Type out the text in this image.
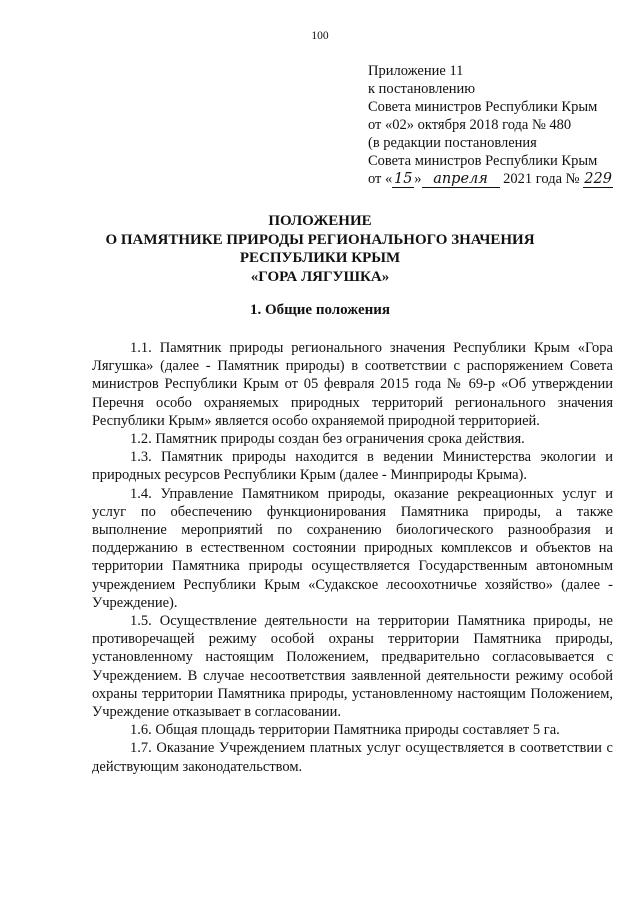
100
Приложение 11
к постановлению
Совета министров Республики Крым
от «02» октября 2018 года № 480
(в редакции постановления
Совета министров Республики Крым
от « 15 » апреля 2021 года № 229
ПОЛОЖЕНИЕ
О ПАМЯТНИКЕ ПРИРОДЫ РЕГИОНАЛЬНОГО ЗНАЧЕНИЯ
РЕСПУБЛИКИ КРЫМ
«ГОРА ЛЯГУШКА»
1. Общие положения

1.1. Памятник природы регионального значения Республики Крым «Гора Лягушка» (далее - Памятник природы) в соответствии с распоряжением Совета министров Республики Крым от 05 февраля 2015 года № 69-р «Об утверждении Перечня особо охраняемых природных территорий регионального значения Республики Крым» является особо охраняемой природной территорией.

1.2. Памятник природы создан без ограничения срока действия.

1.3. Памятник природы находится в ведении Министерства экологии и природных ресурсов Республики Крым (далее - Минприроды Крыма).

1.4. Управление Памятником природы, оказание рекреационных услуг и услуг по обеспечению функционирования Памятника природы, а также выполнение мероприятий по сохранению биологического разнообразия и поддержанию в естественном состоянии природных комплексов и объектов на территории Памятника природы осуществляется Государственным автономным учреждением Республики Крым «Судакское лесоохотничье хозяйство» (далее - Учреждение).

1.5. Осуществление деятельности на территории Памятника природы, не противоречащей режиму особой охраны территории Памятника природы, установленному настоящим Положением, предварительно согласовывается с Учреждением. В случае несоответствия заявленной деятельности режиму особой охраны территории Памятника природы, установленному настоящим Положением, Учреждение отказывает в согласовании.

1.6. Общая площадь территории Памятника природы составляет 5 га.

1.7. Оказание Учреждением платных услуг осуществляется в соответствии с действующим законодательством.
